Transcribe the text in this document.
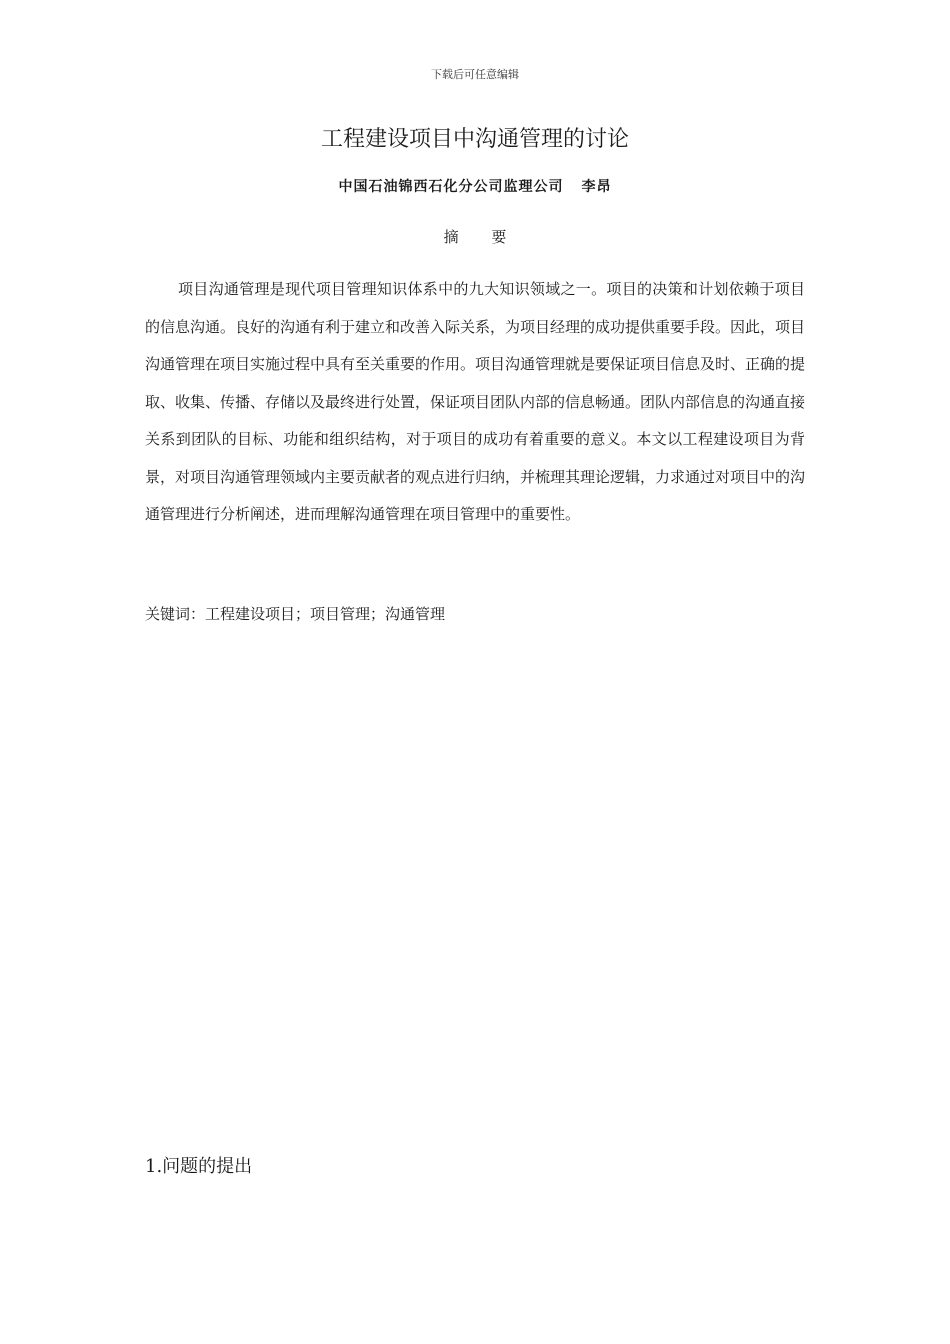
下载后可任意编辑
工程建设项目中沟通管理的讨论
中国石油锦西石化分公司监理公司 李昂
摘 要

项目沟通管理是现代项目管理知识体系中的九大知识领域之一。项目的决策和计划依赖于项目的信息沟通。良好的沟通有利于建立和改善入际关系，为项目经理的成功提供重要手段。因此，项目沟通管理在项目实施过程中具有至关重要的作用。项目沟通管理就是要保证项目信息及时、正确的提取、收集、传播、存储以及最终进行处置，保证项目团队内部的信息畅通。团队内部信息的沟通直接关系到团队的目标、功能和组织结构，对于项目的成功有着重要的意义。本文以工程建设项目为背景，对项目沟通管理领域内主要贡献者的观点进行归纳，并梳理其理论逻辑，力求通过对项目中的沟通管理进行分析阐述，进而理解沟通管理在项目管理中的重要性。

关键词：工程建设项目；项目管理；沟通管理
1.问题的提出
